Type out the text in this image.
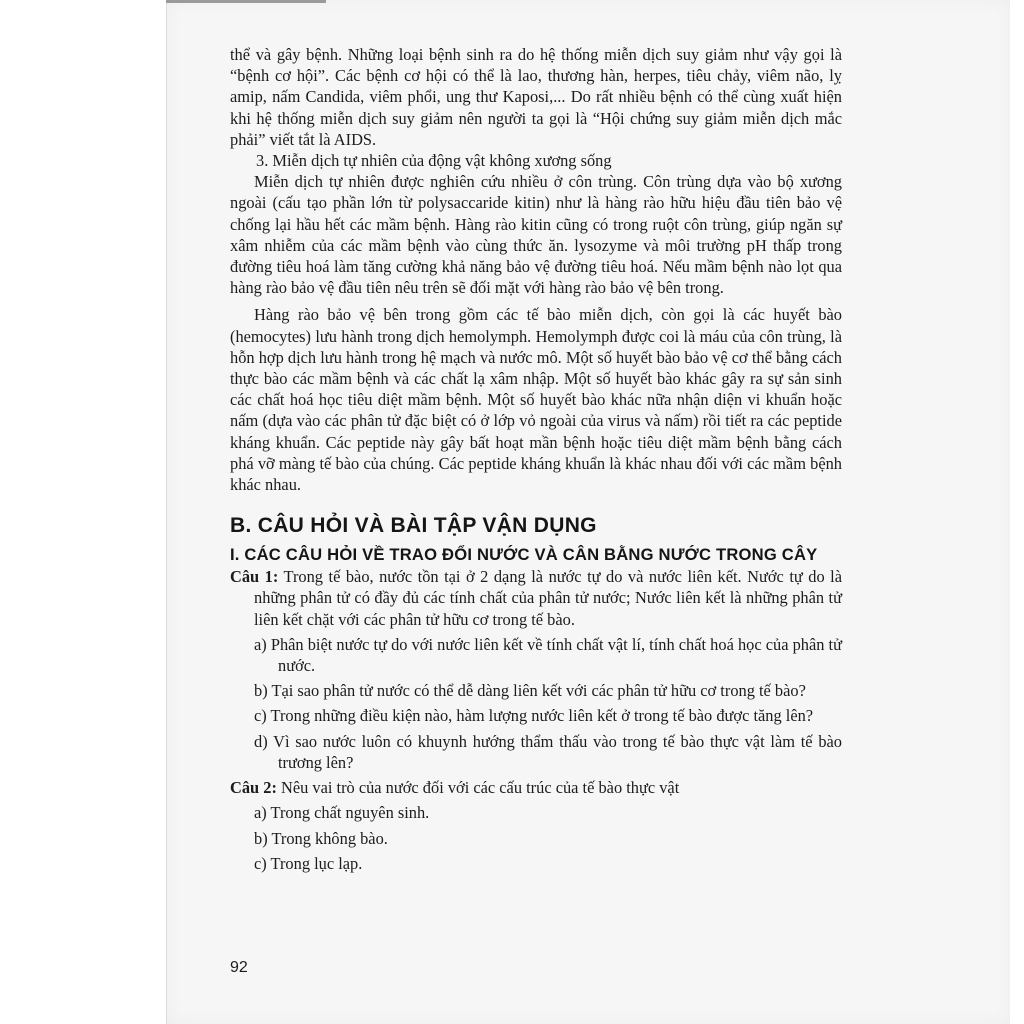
thể và gây bệnh. Những loại bệnh sinh ra do hệ thống miễn dịch suy giảm như vậy gọi là “bệnh cơ hội”. Các bệnh cơ hội có thể là lao, thương hàn, herpes, tiêu chảy, viêm não, lỵ amip, nấm Candida, viêm phổi, ung thư Kaposi,... Do rất nhiều bệnh có thể cùng xuất hiện khi hệ thống miễn dịch suy giảm nên người ta gọi là “Hội chứng suy giảm miễn dịch mắc phải” viết tắt là AIDS.

3. Miễn dịch tự nhiên của động vật không xương sống

Miễn dịch tự nhiên được nghiên cứu nhiều ở côn trùng. Côn trùng dựa vào bộ xương ngoài (cấu tạo phần lớn từ polysaccaride kitin) như là hàng rào hữu hiệu đầu tiên bảo vệ chống lại hầu hết các mầm bệnh. Hàng rào kitin cũng có trong ruột côn trùng, giúp ngăn sự xâm nhiễm của các mầm bệnh vào cùng thức ăn. lysozyme và môi trường pH thấp trong đường tiêu hoá làm tăng cường khả năng bảo vệ đường tiêu hoá. Nếu mầm bệnh nào lọt qua hàng rào bảo vệ đầu tiên nêu trên sẽ đối mặt với hàng rào bảo vệ bên trong.

Hàng rào bảo vệ bên trong gồm các tế bào miễn dịch, còn gọi là các huyết bào (hemocytes) lưu hành trong dịch hemolymph. Hemolymph được coi là máu của côn trùng, là hỗn hợp dịch lưu hành trong hệ mạch và nước mô. Một số huyết bào bảo vệ cơ thể bằng cách thực bào các mầm bệnh và các chất lạ xâm nhập. Một số huyết bào khác gây ra sự sản sinh các chất hoá học tiêu diệt mầm bệnh. Một số huyết bào khác nữa nhận diện vi khuẩn hoặc nấm (dựa vào các phân tử đặc biệt có ở lớp vỏ ngoài của virus và nấm) rồi tiết ra các peptide kháng khuẩn. Các peptide này gây bất hoạt mần bệnh hoặc tiêu diệt mầm bệnh bằng cách phá vỡ màng tế bào của chúng. Các peptide kháng khuẩn là khác nhau đối với các mầm bệnh khác nhau.

B. CÂU HỎI VÀ BÀI TẬP VẬN DỤNG
I. CÁC CÂU HỎI VỀ TRAO ĐỔI NƯỚC VÀ CÂN BẰNG NƯỚC TRONG CÂY

Câu 1: Trong tế bào, nước tồn tại ở 2 dạng là nước tự do và nước liên kết. Nước tự do là những phân tử có đầy đủ các tính chất của phân tử nước; Nước liên kết là những phân tử liên kết chặt với các phân tử hữu cơ trong tế bào.

a) Phân biệt nước tự do với nước liên kết về tính chất vật lí, tính chất hoá học của phân tử nước.

b) Tại sao phân tử nước có thể dễ dàng liên kết với các phân tử hữu cơ trong tế bào?

c) Trong những điều kiện nào, hàm lượng nước liên kết ở trong tế bào được tăng lên?

d) Vì sao nước luôn có khuynh hướng thẩm thấu vào trong tế bào thực vật làm tế bào trương lên?

Câu 2: Nêu vai trò của nước đối với các cấu trúc của tế bào thực vật

a) Trong chất nguyên sinh.

b) Trong không bào.

c) Trong lục lạp.

92
